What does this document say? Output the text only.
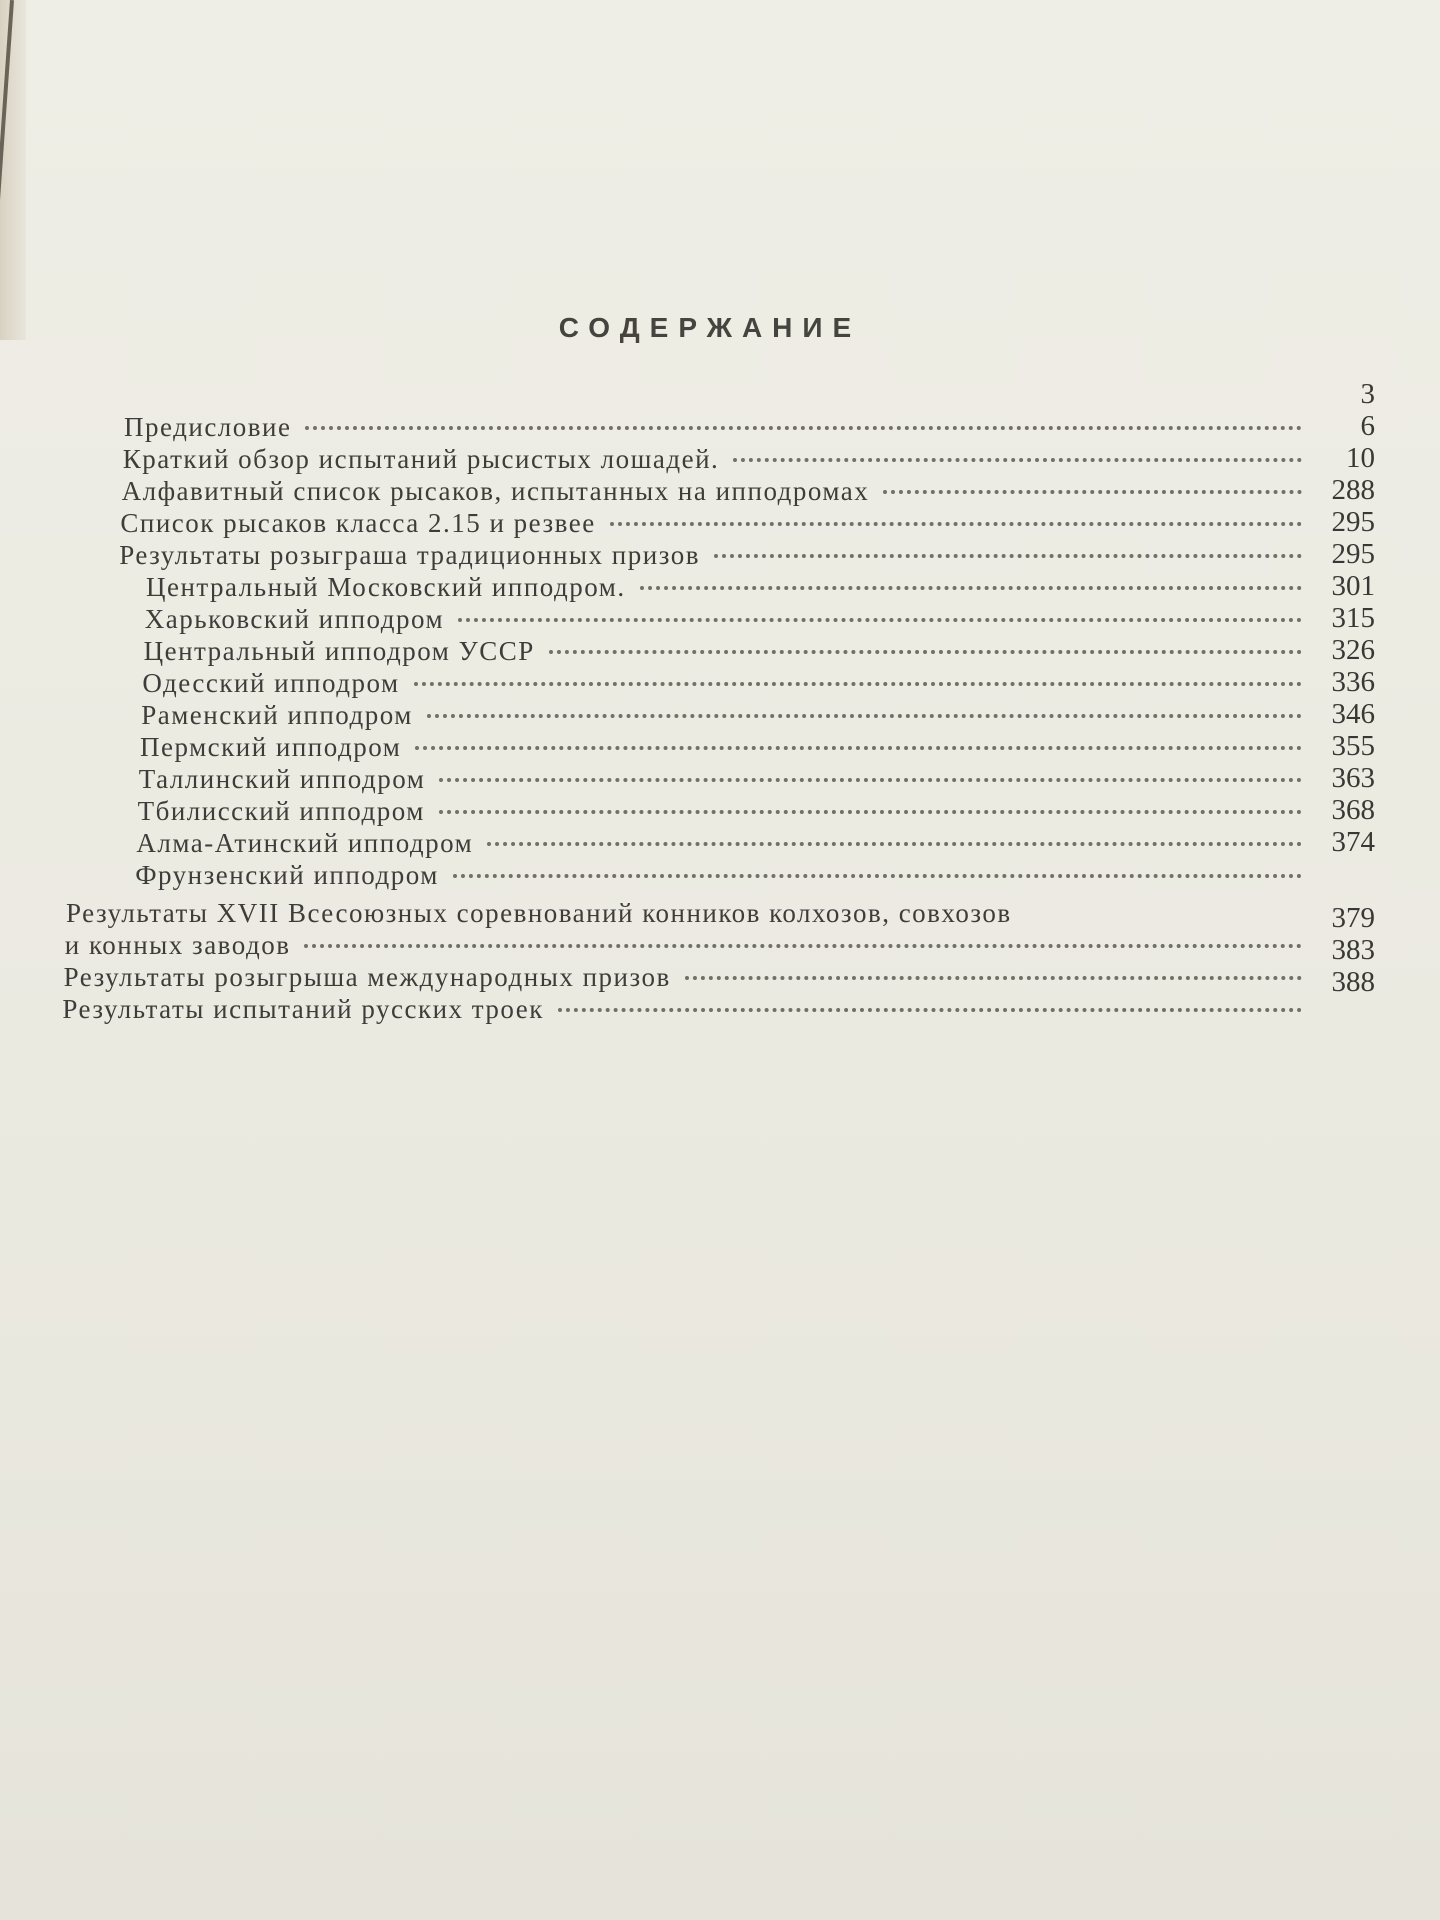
СОДЕРЖАНИЕ
Предисловие
3
Краткий обзор испытаний рысистых лошадей.
6
Алфавитный список рысаков, испытанных на ипподромах
10
Список рысаков класса 2.15 и резвее
288
Результаты розыграша традиционных призов
295
Центральный Московский ипподром.
295
Харьковский ипподром
301
Центральный ипподром УССР
315
Одесский ипподром
326
Раменский ипподром
336
Пермский ипподром
346
Таллинский ипподром
355
Тбилисский ипподром
363
Алма-Атинский ипподром
368
Фрунзенский ипподром
374
Результаты XVII Всесоюзных соревнований конников колхозов, совхозов
и конных заводов
379
Результаты розыгрыша международных призов
383
Результаты испытаний русских троек
388
